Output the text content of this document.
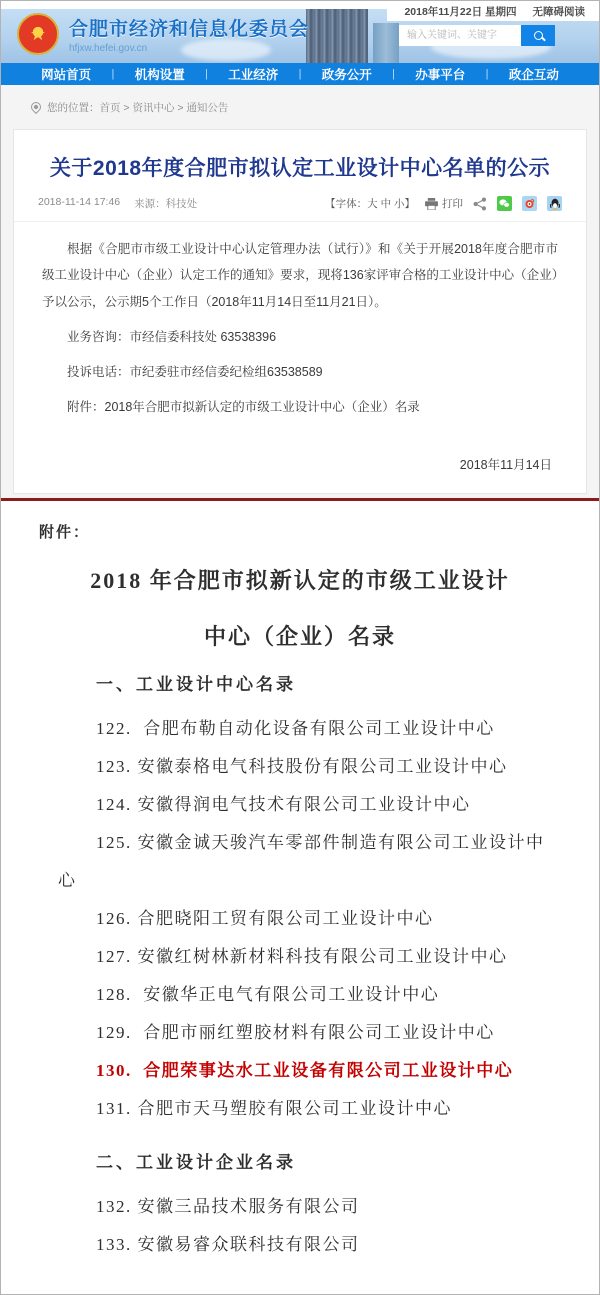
★	合肥市经济和信息化委员会
hfjxw.hefei.gov.cn
2018年11月22日 星期四 无障碍阅读
输入关键词、关键字
网站首页 | 机构设置 | 工业经济 | 政务公开 | 办事平台 | 政企互动
您的位置：首页 > 资讯中心 > 通知公告
关于2018年度合肥市拟认定工业设计中心名单的公示
2018-11-14 17:46 来源：科技处	【字体：大 中 小】	打印

根据《合肥市市级工业设计中心认定管理办法（试行）》和《关于开展2018年度合肥市市级工业设计中心（企业）认定工作的通知》要求，现将136家评审合格的工业设计中心（企业）予以公示，公示期5个工作日（2018年11月14日至11月21日）。

业务咨询：市经信委科技处 63538396

投诉电话：市纪委驻市经信委纪检组63538589

附件：2018年合肥市拟新认定的市级工业设计中心（企业）名录

2018年11月14日
附件：
2018 年合肥市拟新认定的市级工业设计
中心（企业）名录
一、工业设计中心名录

122.  合肥布勒自动化设备有限公司工业设计中心

123. 安徽泰格电气科技股份有限公司工业设计中心

124. 安徽得润电气技术有限公司工业设计中心

125. 安徽金诚天骏汽车零部件制造有限公司工业设计中心

126. 合肥晓阳工贸有限公司工业设计中心

127. 安徽红树林新材料科技有限公司工业设计中心

128.  安徽华正电气有限公司工业设计中心

129.  合肥市丽红塑胶材料有限公司工业设计中心

130.  合肥荣事达水工业设备有限公司工业设计中心

131. 合肥市天马塑胶有限公司工业设计中心

二、工业设计企业名录

132. 安徽三品技术服务有限公司

133. 安徽易睿众联科技有限公司
